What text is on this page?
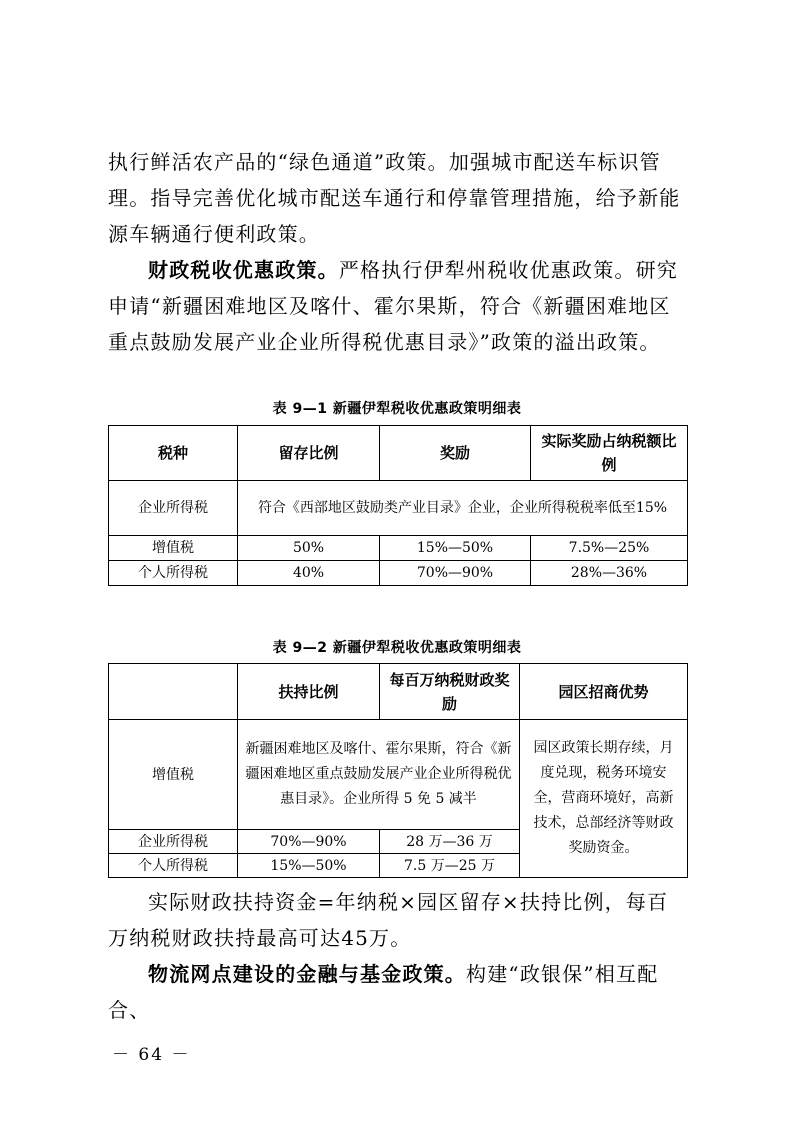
执行鲜活农产品的“绿色通道”政策。加强城市配送车标识管理。指导完善优化城市配送车通行和停靠管理措施，给予新能源车辆通行便利政策。

财政税收优惠政策。严格执行伊犁州税收优惠政策。研究申请“新疆困难地区及喀什、霍尔果斯，符合《新疆困难地区重点鼓励发展产业企业所得税优惠目录》”政策的溢出政策。

表 9—1 新疆伊犁税收优惠政策明细表
税种	留存比例	奖励	实际奖励占纳税额比例
企业所得税	符合《西部地区鼓励类产业目录》企业，企业所得税税率低至15%		
增值税	50%	15%—50%	7.5%—25%
个人所得税	40%	70%—90%	28%—36%
表 9—2 新疆伊犁税收优惠政策明细表
	扶持比例	每百万纳税财政奖励	园区招商优势
增值税	新疆困难地区及喀什、霍尔果斯，符合《新疆困难地区重点鼓励发展产业企业所得税优惠目录》。企业所得 5 免 5 减半		园区政策长期存续，月度兑现，税务环境安全，营商环境好，高新技术，总部经济等财政奖励资金。
企业所得税	70%—90%	28 万—36 万	
个人所得税	15%—50%	7.5 万—25 万	

实际财政扶持资金=年纳税×园区留存×扶持比例，每百万纳税财政扶持最高可达45万。

物流网点建设的金融与基金政策。构建“政银保”相互配合、

－ 64 －
